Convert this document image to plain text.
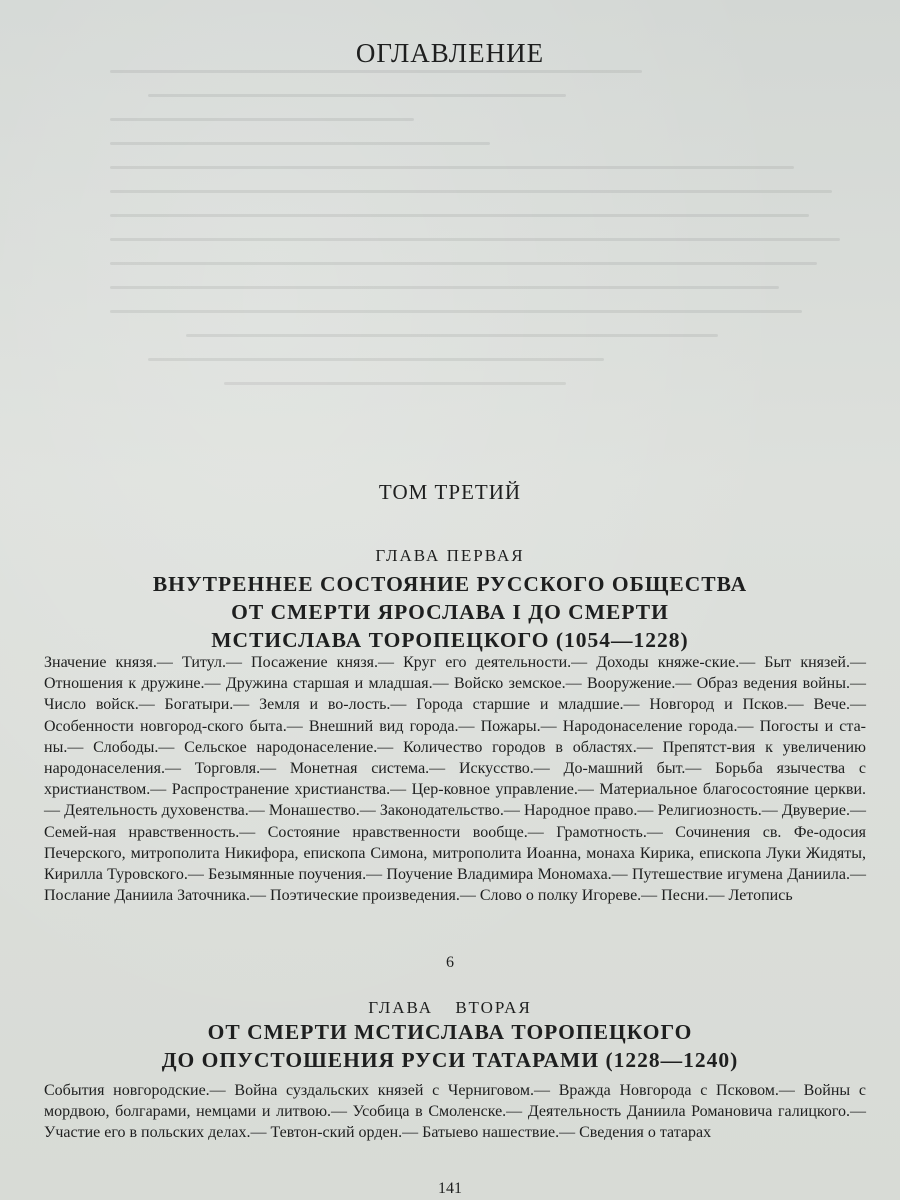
ОГЛАВЛЕНИЕ
ТОМ ТРЕТИЙ
ГЛАВА ПЕРВАЯ
ВНУТРЕННЕЕ СОСТОЯНИЕ РУССКОГО ОБЩЕСТВА
ОТ СМЕРТИ ЯРОСЛАВА I ДО СМЕРТИ
МСТИСЛАВА ТОРОПЕЦКОГО (1054—1228)
Значение князя.— Титул.— Посажение князя.— Круг его деятельности.— Доходы княже-ские.— Быт князей.— Отношения к дружине.— Дружина старшая и младшая.— Войско земское.— Вооружение.— Образ ведения войны.— Число войск.— Богатыри.— Земля и во-лость.— Города старшие и младшие.— Новгород и Псков.— Вече.— Особенности новгород-ского быта.— Внешний вид города.— Пожары.— Народонаселение города.— Погосты и ста-ны.— Слободы.— Сельское народонаселение.— Количество городов в областях.— Препятст-вия к увеличению народонаселения.— Торговля.— Монетная система.— Искусство.— До-машний быт.— Борьба язычества с христианством.— Распространение христианства.— Цер-ковное управление.— Материальное благосостояние церкви.— Деятельность духовенства.— Монашество.— Законодательство.— Народное право.— Религиозность.— Двуверие.— Семей-ная нравственность.— Состояние нравственности вообще.— Грамотность.— Сочинения св. Фе-одосия Печерского, митрополита Никифора, епископа Симона, митрополита Иоанна, монаха Кирика, епископа Луки Жидяты, Кирилла Туровского.— Безымянные поучения.— Поучение Владимира Мономаха.— Путешествие игумена Даниила.— Послание Даниила Заточника.— Поэтические произведения.— Слово о полку Игореве.— Песни.— Летопись
6
ГЛАВА ВТОРАЯ
ОТ СМЕРТИ МСТИСЛАВА ТОРОПЕЦКОГО
ДО ОПУСТОШЕНИЯ РУСИ ТАТАРАМИ (1228—1240)
События новгородские.— Война суздальских князей с Черниговом.— Вражда Новгорода с Псковом.— Войны с мордвою, болгарами, немцами и литвою.— Усобица в Смоленске.— Деятельность Даниила Романовича галицкого.— Участие его в польских делах.— Тевтон-ский орден.— Батыево нашествие.— Сведения о татарах
141
